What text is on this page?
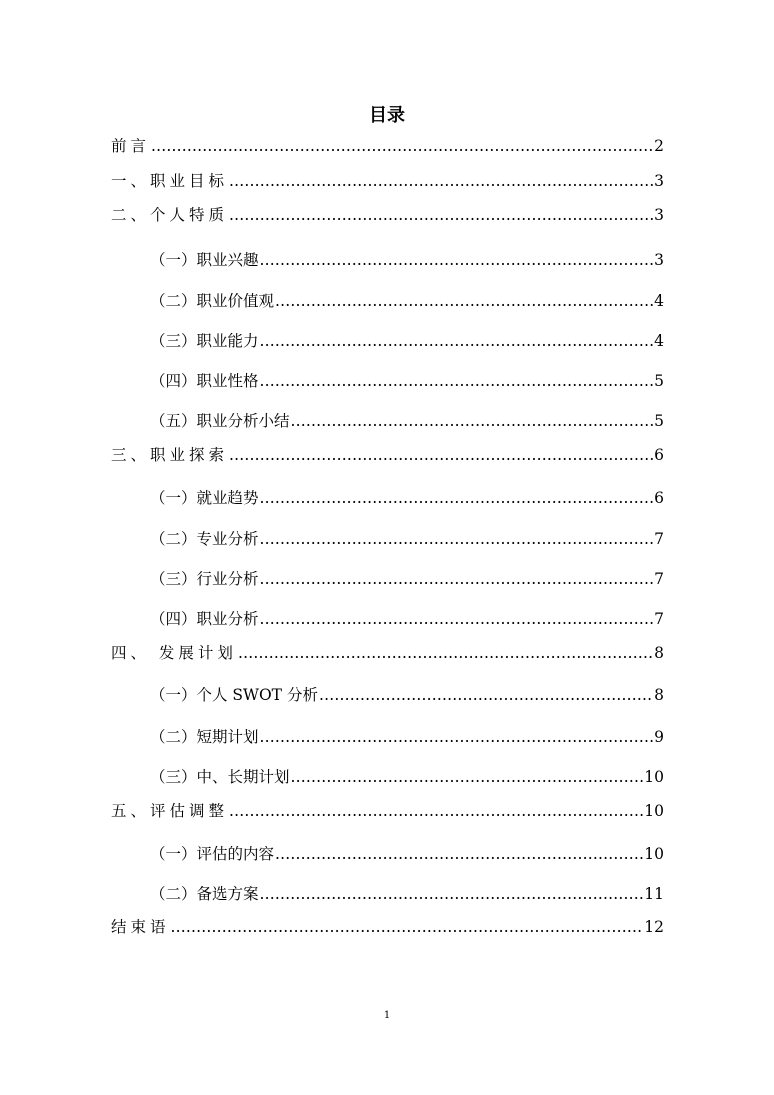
目录
前言 .....	2
一、职业目标 .....	3
二、个人特质 .....	3
（一）职业兴趣 .....	3
（二）职业价值观 .....	4
（三）职业能力 .....	4
（四）职业性格 .....	5
（五）职业分析小结 .....	5
三、职业探索 .....	6
（一）就业趋势 .....	6
（二）专业分析 .....	7
（三）行业分析 .....	7
（四）职业分析 .....	7
四、 发展计划 .....	8
（一）个人 SWOT 分析 .....	8
（二）短期计划 .....	9
（三）中、长期计划 .....	10
五、评估调整 .....	10
（一）评估的内容 .....	10
（二）备选方案 .....	11
结束语 .....	12
1
